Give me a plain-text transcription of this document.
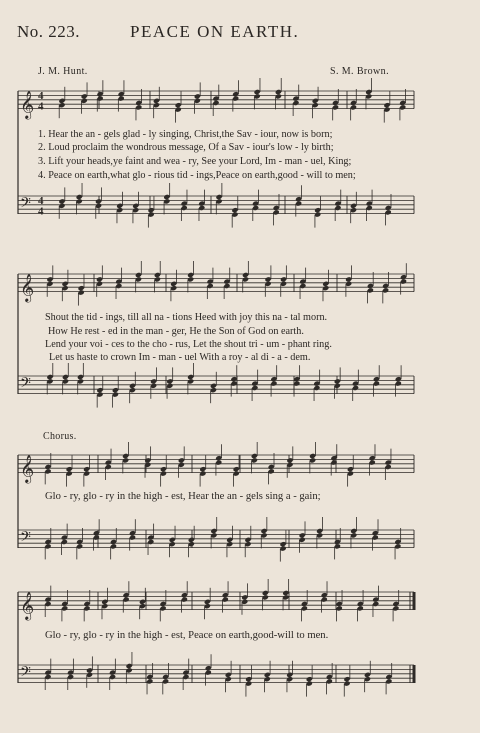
No. 223.	PEACE ON EARTH.
J. M. Hunt.	S. M. Brown.
𝄞 4
4
𝄢 4
4
𝄞
𝄢
𝄞
𝄢
𝄞
𝄢
1. Hear the an - gels glad - ly singing, Christ,the Sav - iour, now is born;
2. Loud proclaim the wondrous message, Of a Sav - iour's low - ly birth;
3. Lift your heads,ye faint and wea - ry, See your Lord, Im - man - uel, King;
4. Peace on earth,what glo - rious tid - ings,Peace on earth,good - will to men;
Shout the tid - ings, till all na - tions Heed with joy this na - tal morn.
How He rest - ed in the man - ger, He the Son of God on earth.
Lend your voi - ces to the cho - rus, Let the shout tri - um - phant ring.
Let us haste to crown Im - man - uel With a roy - al di - a - dem.
Chorus.
Glo - ry, glo - ry in the high - est, Hear the an - gels sing a - gain;
Glo - ry, glo - ry in the high - est, Peace on earth,good-will to men.
